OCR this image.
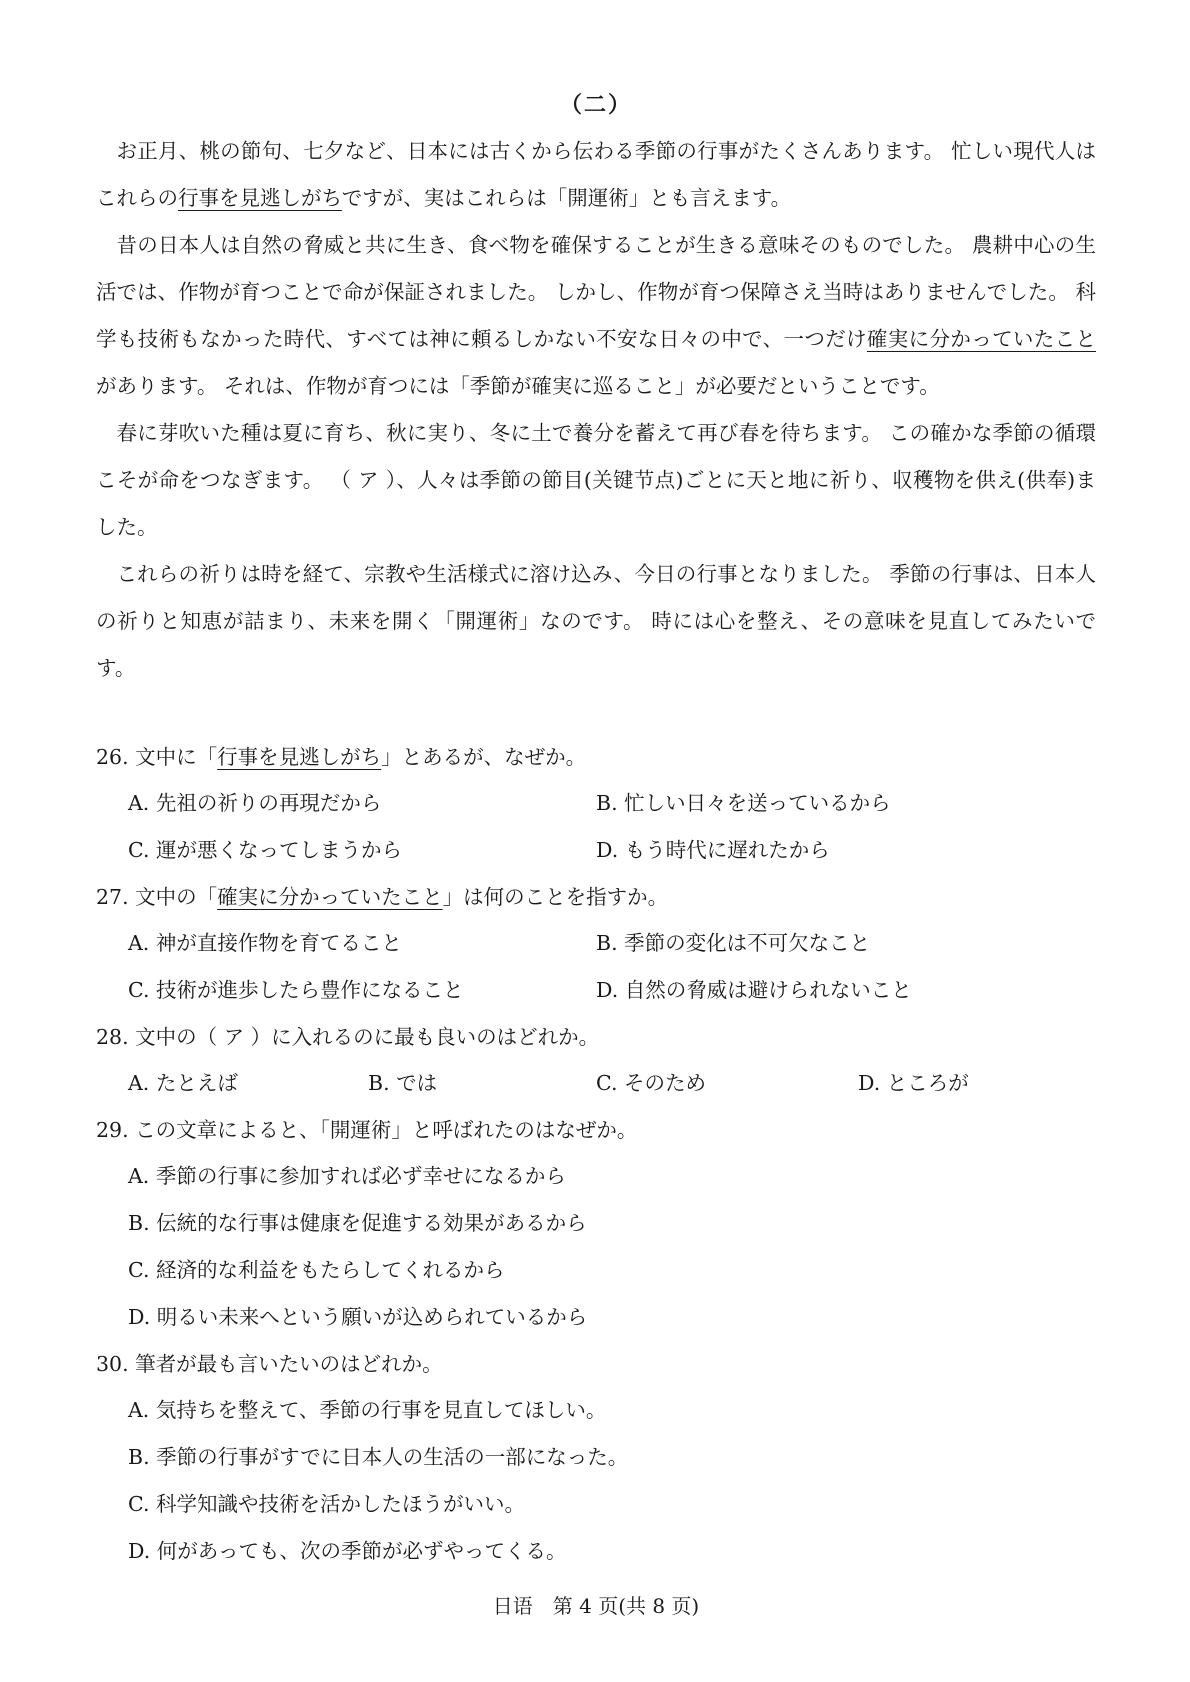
（二）

お正月、桃の節句、七夕など、日本には古くから伝わる季節の行事がたくさんあります。 忙しい現代人はこれらの行事を見逃しがちですが、実はこれらは「開運術」とも言えます。

昔の日本人は自然の脅威と共に生き、食べ物を確保することが生きる意味そのものでした。 農耕中心の生活では、作物が育つことで命が保証されました。 しかし、作物が育つ保障さえ当時はありませんでした。 科学も技術もなかった時代、すべては神に頼るしかない不安な日々の中で、一つだけ確実に分かっていたことがあります。 それは、作物が育つには「季節が確実に巡ること」が必要だということです。

春に芽吹いた種は夏に育ち、秋に実り、冬に土で養分を蓄えて再び春を待ちます。 この確かな季節の循環こそが命をつなぎます。 （ ア ）、人々は季節の節目(关键节点)ごとに天と地に祈り、収穫物を供え(供奉)ました。

これらの祈りは時を経て、宗教や生活様式に溶け込み、今日の行事となりました。 季節の行事は、日本人の祈りと知恵が詰まり、未来を開く「開運術」なのです。 時には心を整え、その意味を見直してみたいです。

26. 文中に「行事を見逃しがち」とあるが、なぜか。
A. 先祖の祈りの再現だから	B. 忙しい日々を送っているから
C. 運が悪くなってしまうから	D. もう時代に遅れたから
27. 文中の「確実に分かっていたこと」は何のことを指すか。
A. 神が直接作物を育てること	B. 季節の変化は不可欠なこと
C. 技術が進歩したら豊作になること	D. 自然の脅威は避けられないこと
28. 文中の（ ア ）に入れるのに最も良いのはどれか。
A. たとえば	B. では	C. そのため	D. ところが
29. この文章によると、「開運術」と呼ばれたのはなぜか。
A. 季節の行事に参加すれば必ず幸せになるから
B. 伝統的な行事は健康を促進する効果があるから
C. 経済的な利益をもたらしてくれるから
D. 明るい未来へという願いが込められているから
30. 筆者が最も言いたいのはどれか。
A. 気持ちを整えて、季節の行事を見直してほしい。
B. 季節の行事がすでに日本人の生活の一部になった。
C. 科学知識や技術を活かしたほうがいい。
D. 何があっても、次の季節が必ずやってくる。
日语　第 4 页(共 8 页)
